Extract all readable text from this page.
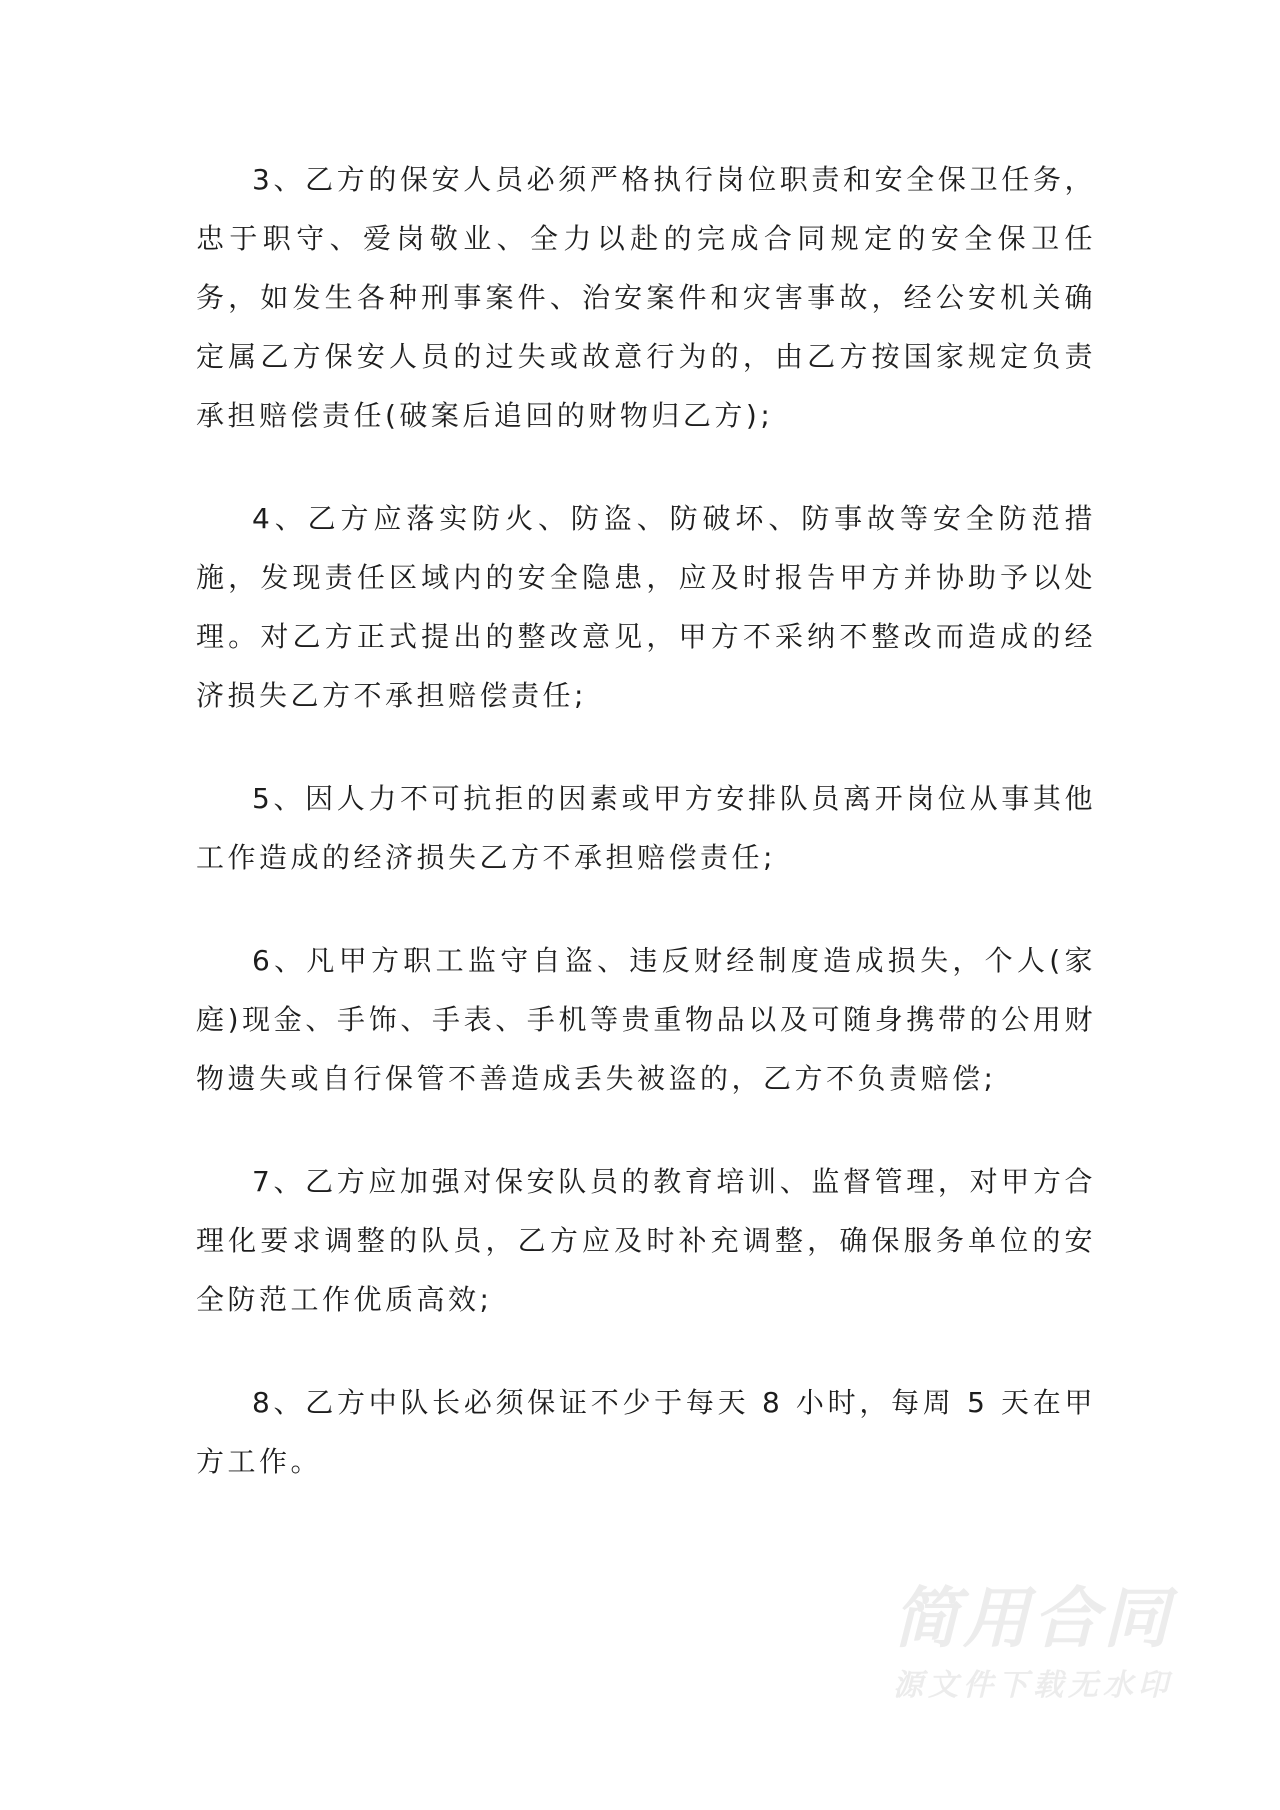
3、乙方的保安人员必须严格执行岗位职责和安全保卫任务，忠于职守、爱岗敬业、全力以赴的完成合同规定的安全保卫任务，如发生各种刑事案件、治安案件和灾害事故，经公安机关确定属乙方保安人员的过失或故意行为的，由乙方按国家规定负责承担赔偿责任(破案后追回的财物归乙方);

4、乙方应落实防火、防盗、防破坏、防事故等安全防范措施，发现责任区域内的安全隐患，应及时报告甲方并协助予以处理。对乙方正式提出的整改意见，甲方不采纳不整改而造成的经济损失乙方不承担赔偿责任;

5、因人力不可抗拒的因素或甲方安排队员离开岗位从事其他工作造成的经济损失乙方不承担赔偿责任;

6、凡甲方职工监守自盗、违反财经制度造成损失，个人(家庭)现金、手饰、手表、手机等贵重物品以及可随身携带的公用财物遗失或自行保管不善造成丢失被盗的，乙方不负责赔偿;

7、乙方应加强对保安队员的教育培训、监督管理，对甲方合理化要求调整的队员，乙方应及时补充调整，确保服务单位的安全防范工作优质高效;

8、乙方中队长必须保证不少于每天 8 小时，每周 5 天在甲方工作。

简用合同
源文件下载无水印
